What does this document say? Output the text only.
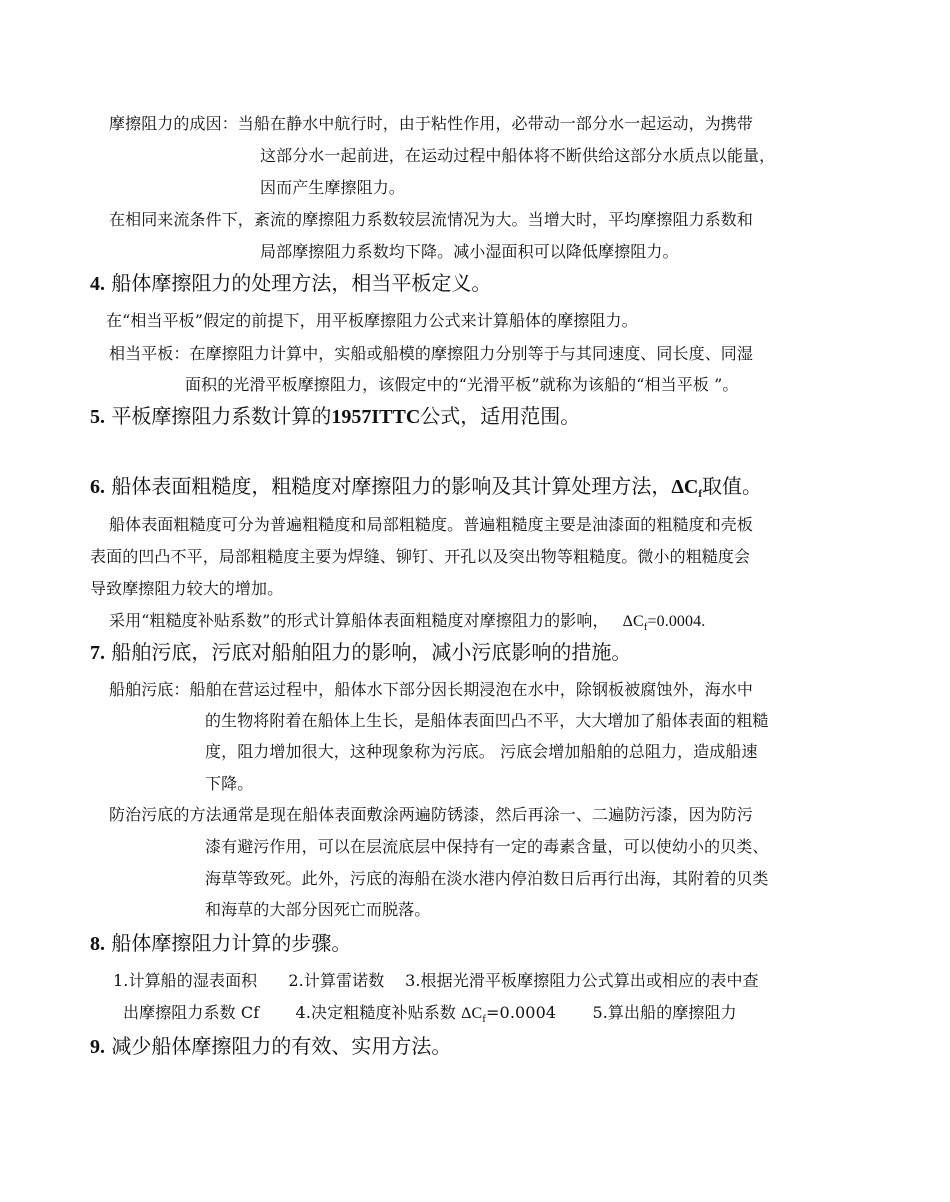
摩擦阻力的成因：当船在静水中航行时，由于粘性作用，必带动一部分水一起运动，为携带
这部分水一起前进，在运动过程中船体将不断供给这部分水质点以能量，
因而产生摩擦阻力。
在相同来流条件下，紊流的摩擦阻力系数较层流情况为大。当增大时，平均摩擦阻力系数和
局部摩擦阻力系数均下降。减小湿面积可以降低摩擦阻力。
4. 船体摩擦阻力的处理方法，相当平板定义。
在“相当平板”假定的前提下，用平板摩擦阻力公式来计算船体的摩擦阻力。
相当平板：在摩擦阻力计算中，实船或船模的摩擦阻力分别等于与其同速度、同长度、同湿
面积的光滑平板摩擦阻力，该假定中的“光滑平板”就称为该船的“相当平板 ”。
5. 平板摩擦阻力系数计算的1957ITTC公式，适用范围。
6. 船体表面粗糙度，粗糙度对摩擦阻力的影响及其计算处理方法，$\Delta C_f$取值。
船体表面粗糙度可分为普遍粗糙度和局部粗糙度。普遍粗糙度主要是油漆面的粗糙度和壳板
表面的凹凸不平，局部粗糙度主要为焊缝、铆钉、开孔以及突出物等粗糙度。微小的粗糙度会
导致摩擦阻力较大的增加。
采用“粗糙度补贴系数”的形式计算船体表面粗糙度对摩擦阻力的影响， $\Delta C_f=0.0004$.
7. 船舶污底，污底对船舶阻力的影响，减小污底影响的措施。
船舶污底：船舶在营运过程中，船体水下部分因长期浸泡在水中，除钢板被腐蚀外，海水中
的生物将附着在船体上生长，是船体表面凹凸不平，大大增加了船体表面的粗糙
度，阻力增加很大，这种现象称为污底。 污底会增加船舶的总阻力，造成船速
下降。
防治污底的方法通常是现在船体表面敷涂两遍防锈漆，然后再涂一、二遍防污漆，因为防污
漆有避污作用，可以在层流底层中保持有一定的毒素含量，可以使幼小的贝类、
海草等致死。此外，污底的海船在淡水港内停泊数日后再行出海，其附着的贝类
和海草的大部分因死亡而脱落。
8. 船体摩擦阻力计算的步骤。
1.计算船的湿表面积      2.计算雷诺数    3.根据光滑平板摩擦阻力公式算出或相应的表中查
出摩擦阻力系数 Cf       4.决定粗糙度补贴系数 $\Delta C_f=0.0004$       5.算出船的摩擦阻力
9. 减少船体摩擦阻力的有效、实用方法。
